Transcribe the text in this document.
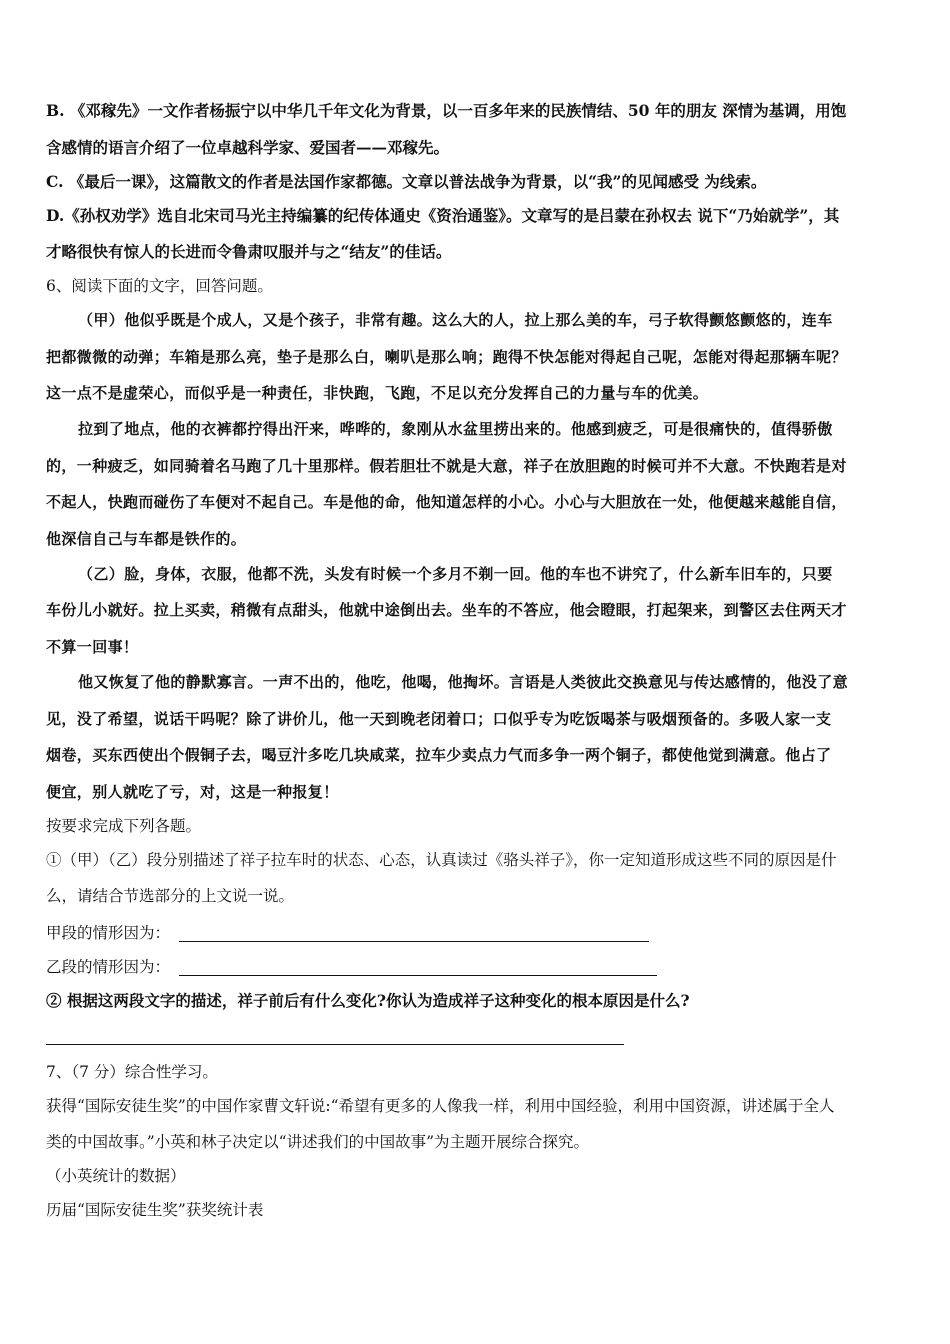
B. 《邓稼先》一文作者杨振宁以中华几千年文化为背景，以一百多年来的民族情结、50 年的朋友 深情为基调，用饱
含感情的语言介绍了一位卓越科学家、爱国者——邓稼先。
C. 《最后一课》，这篇散文的作者是法国作家都德。文章以普法战争为背景，以“我”的见闻感受 为线索。
D.《孙权劝学》选自北宋司马光主持编纂的纪传体通史《资治通鉴》。文章写的是吕蒙在孙权去 说下“乃始就学”，其
才略很快有惊人的长进而令鲁肃叹服并与之“结友”的佳话。
6、阅读下面的文字，回答问题。
（甲）他似乎既是个成人，又是个孩子，非常有趣。这么大的人，拉上那么美的车，弓子软得颤悠颤悠的，连车
把都微微的动弹；车箱是那么亮，垫子是那么白，喇叭是那么响；跑得不快怎能对得起自己呢，怎能对得起那辆车呢？
这一点不是虚荣心，而似乎是一种责任，非快跑，飞跑，不足以充分发挥自己的力量与车的优美。
拉到了地点，他的衣裤都拧得出汗来，哗哗的，象刚从水盆里捞出来的。他感到疲乏，可是很痛快的，值得骄傲
的，一种疲乏，如同骑着名马跑了几十里那样。假若胆壮不就是大意，祥子在放胆跑的时候可并不大意。不快跑若是对
不起人，快跑而碰伤了车便对不起自己。车是他的命，他知道怎样的小心。小心与大胆放在一处，他便越来越能自信，
他深信自己与车都是铁作的。
（乙）脸，身体，衣服，他都不洗，头发有时候一个多月不剃一回。他的车也不讲究了，什么新车旧车的，只要
车份儿小就好。拉上买卖，稍微有点甜头，他就中途倒出去。坐车的不答应，他会瞪眼，打起架来，到警区去住两天才
不算一回事！
他又恢复了他的静默寡言。一声不出的，他吃，他喝，他掏坏。言语是人类彼此交换意见与传达感情的，他没了意
见，没了希望，说话干吗呢？除了讲价儿，他一天到晚老闭着口；口似乎专为吃饭喝茶与吸烟预备的。多吸人家一支
烟卷，买东西使出个假铜子去，喝豆汁多吃几块咸菜，拉车少卖点力气而多争一两个铜子，都使他觉到满意。他占了
便宜，别人就吃了亏，对，这是一种报复！
按要求完成下列各题。
①（甲）（乙）段分别描述了祥子拉车时的状态、心态，认真读过《骆头祥子》，你一定知道形成这些不同的原因是什
么，请结合节选部分的上文说一说。
甲段的情形因为：
乙段的情形因为：
② 根据这两段文字的描述，祥子前后有什么变化?你认为造成祥子这种变化的根本原因是什么?
7、（7 分）综合性学习。
获得“国际安徒生奖”的中国作家曹文轩说:“希望有更多的人像我一样，利用中国经验，利用中国资源，讲述属于全人
类的中国故事。”小英和林子决定以“讲述我们的中国故事”为主题开展综合探究。
（小英统计的数据）
历届“国际安徒生奖”获奖统计表
